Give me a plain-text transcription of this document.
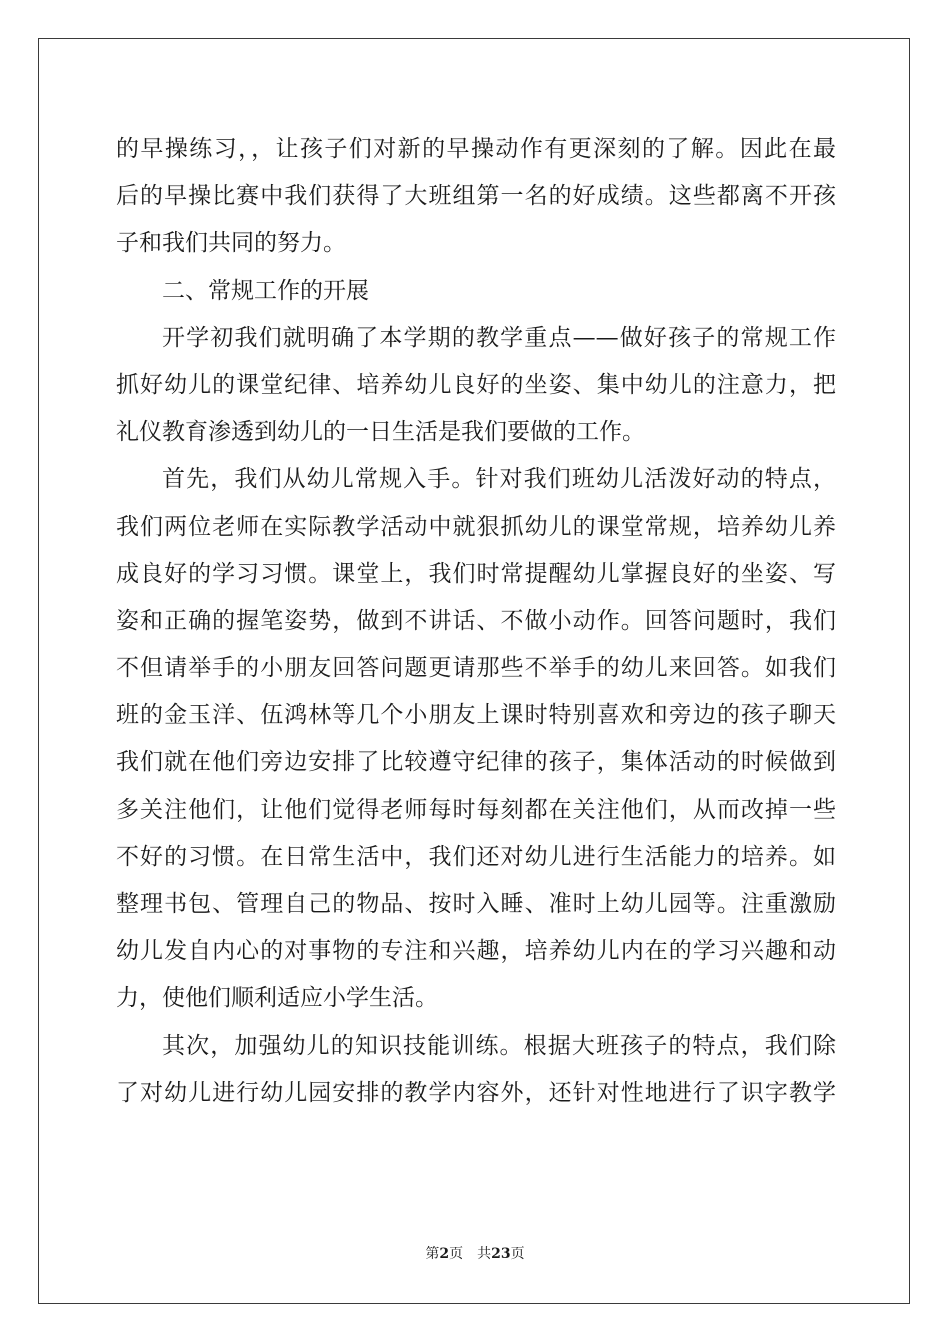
的早操练习，，让孩子们对新的早操动作有更深刻的了解。因此在最
后的早操比赛中我们获得了大班组第一名的好成绩。这些都离不开孩
子和我们共同的努力。
二、常规工作的开展
开学初我们就明确了本学期的教学重点——做好孩子的常规工作
抓好幼儿的课堂纪律、培养幼儿良好的坐姿、集中幼儿的注意力，把
礼仪教育渗透到幼儿的一日生活是我们要做的工作。
首先，我们从幼儿常规入手。针对我们班幼儿活泼好动的特点，
我们两位老师在实际教学活动中就狠抓幼儿的课堂常规，培养幼儿养
成良好的学习习惯。课堂上，我们时常提醒幼儿掌握良好的坐姿、写
姿和正确的握笔姿势，做到不讲话、不做小动作。回答问题时，我们
不但请举手的小朋友回答问题更请那些不举手的幼儿来回答。如我们
班的金玉洋、伍鸿林等几个小朋友上课时特别喜欢和旁边的孩子聊天
我们就在他们旁边安排了比较遵守纪律的孩子，集体活动的时候做到
多关注他们，让他们觉得老师每时每刻都在关注他们，从而改掉一些
不好的习惯。在日常生活中，我们还对幼儿进行生活能力的培养。如
整理书包、管理自己的物品、按时入睡、准时上幼儿园等。注重激励
幼儿发自内心的对事物的专注和兴趣，培养幼儿内在的学习兴趣和动
力，使他们顺利适应小学生活。
其次，加强幼儿的知识技能训练。根据大班孩子的特点，我们除
了对幼儿进行幼儿园安排的教学内容外，还针对性地进行了识字教学
第2页 共23页
